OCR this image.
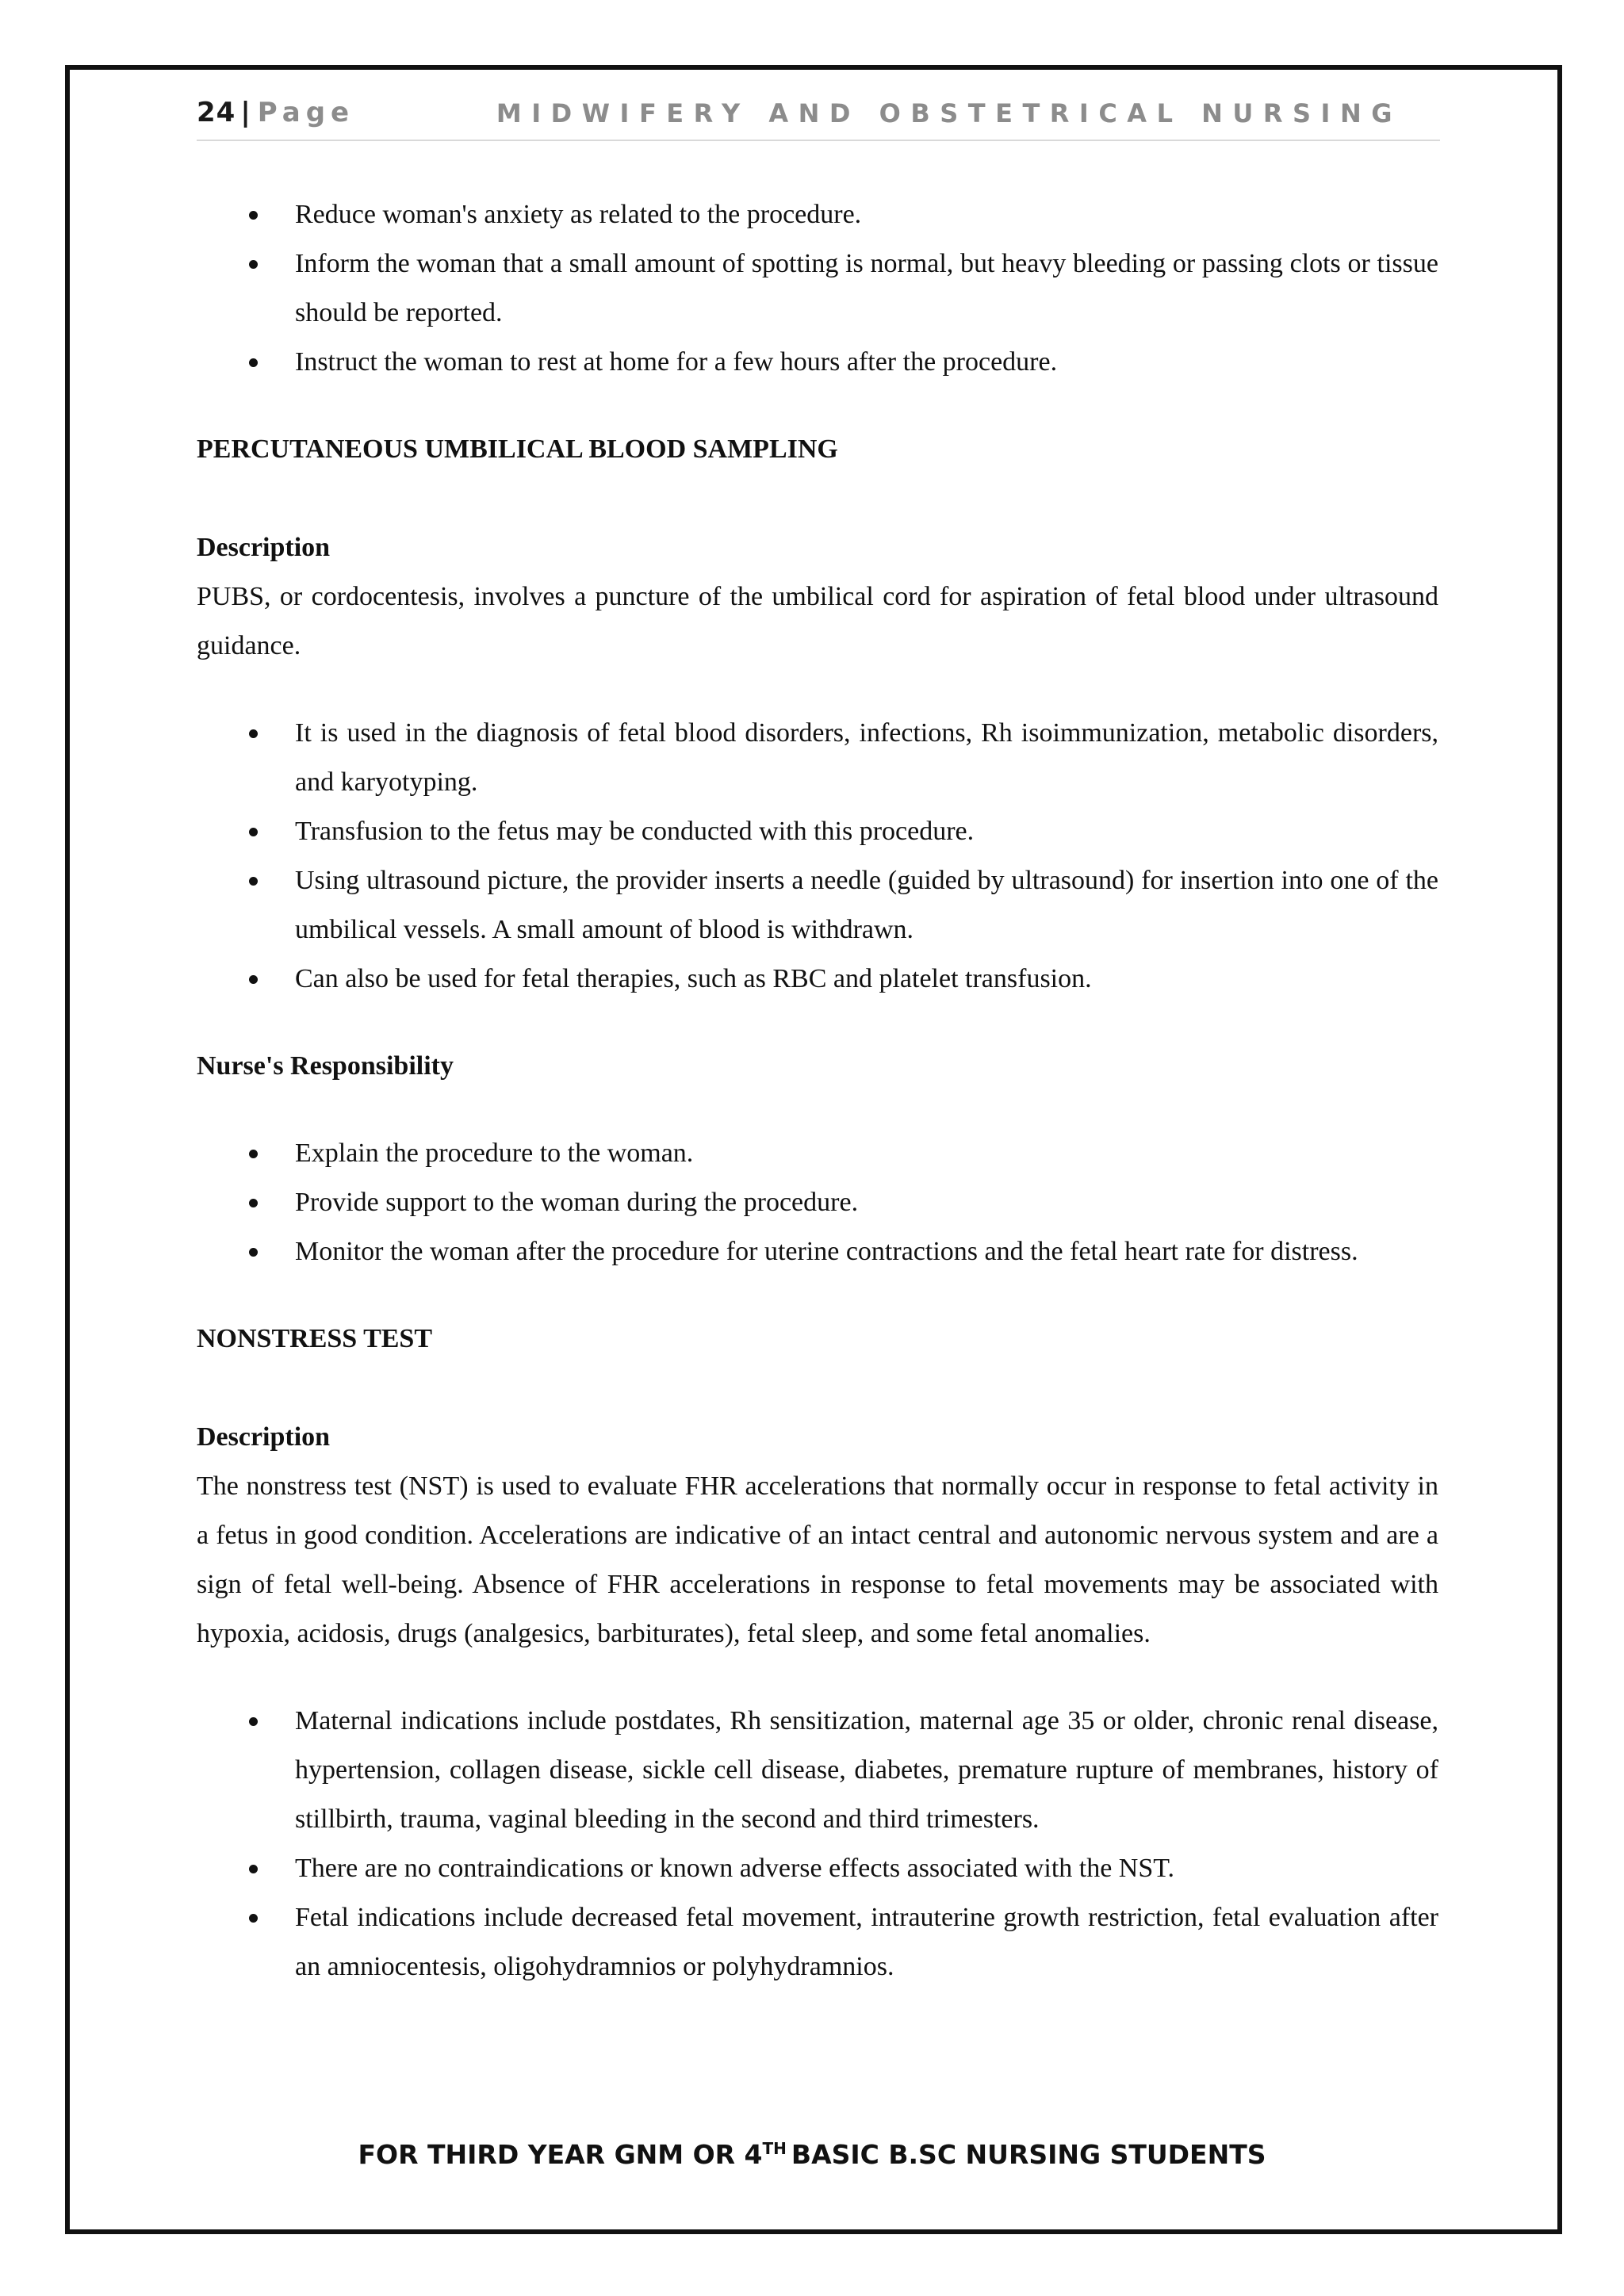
24 | Page	MIDWIFERY AND OBSTETRICAL NURSING
Reduce woman's anxiety as related to the procedure.
Inform the woman that a small amount of spotting is normal, but heavy bleeding or passing clots or tissue should be reported.
Instruct the woman to rest at home for a few hours after the procedure.

PERCUTANEOUS UMBILICAL BLOOD SAMPLING

Description

PUBS, or cordocentesis, involves a puncture of the umbilical cord for aspiration of fetal blood under ultrasound guidance.

It is used in the diagnosis of fetal blood disorders, infections, Rh isoimmunization, metabolic disorders, and karyotyping.
Transfusion to the fetus may be conducted with this procedure.
Using ultrasound picture, the provider inserts a needle (guided by ultrasound) for insertion into one of the umbilical vessels. A small amount of blood is withdrawn.
Can also be used for fetal therapies, such as RBC and platelet transfusion.

Nurse's Responsibility

Explain the procedure to the woman.
Provide support to the woman during the procedure.
Monitor the woman after the procedure for uterine contractions and the fetal heart rate for distress.

NONSTRESS TEST

Description

The nonstress test (NST) is used to evaluate FHR accelerations that normally occur in response to fetal activity in a fetus in good condition. Accelerations are indicative of an intact central and autonomic nervous system and are a sign of fetal well-being. Absence of FHR accelerations in response to fetal movements may be associated with hypoxia, acidosis, drugs (analgesics, barbiturates), fetal sleep, and some fetal anomalies.

Maternal indications include postdates, Rh sensitization, maternal age 35 or older, chronic renal disease, hypertension, collagen disease, sickle cell disease, diabetes, premature rupture of membranes, history of stillbirth, trauma, vaginal bleeding in the second and third trimesters.
There are no contraindications or known adverse effects associated with the NST.
Fetal indications include decreased fetal movement, intrauterine growth restriction, fetal evaluation after an amniocentesis, oligohydramnios or polyhydramnios.
FOR THIRD YEAR GNM OR 4TH BASIC B.SC NURSING STUDENTS
